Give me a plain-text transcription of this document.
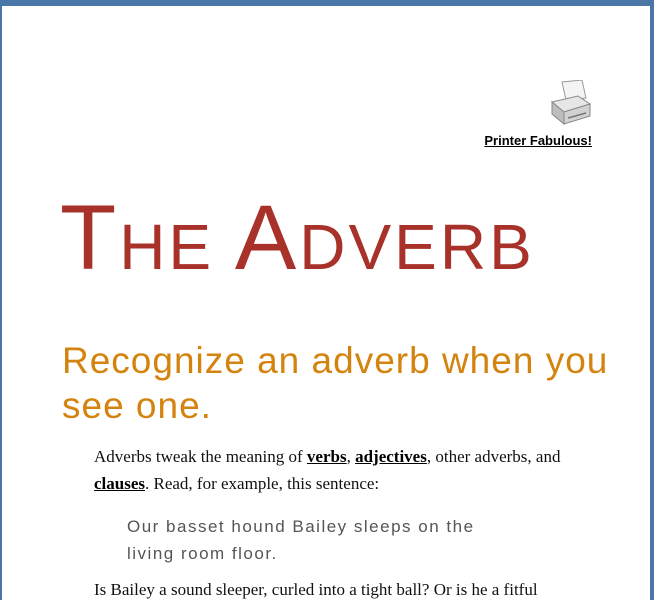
Printer Fabulous!
THE ADVERB
Recognize an adverb when you see one.

Adverbs tweak the meaning of verbs, adjectives, other adverbs, and clauses. Read, for example, this sentence:

Our basset hound Bailey sleeps on the living room floor.

Is Bailey a sound sleeper, curled into a tight ball? Or is he a fitful
